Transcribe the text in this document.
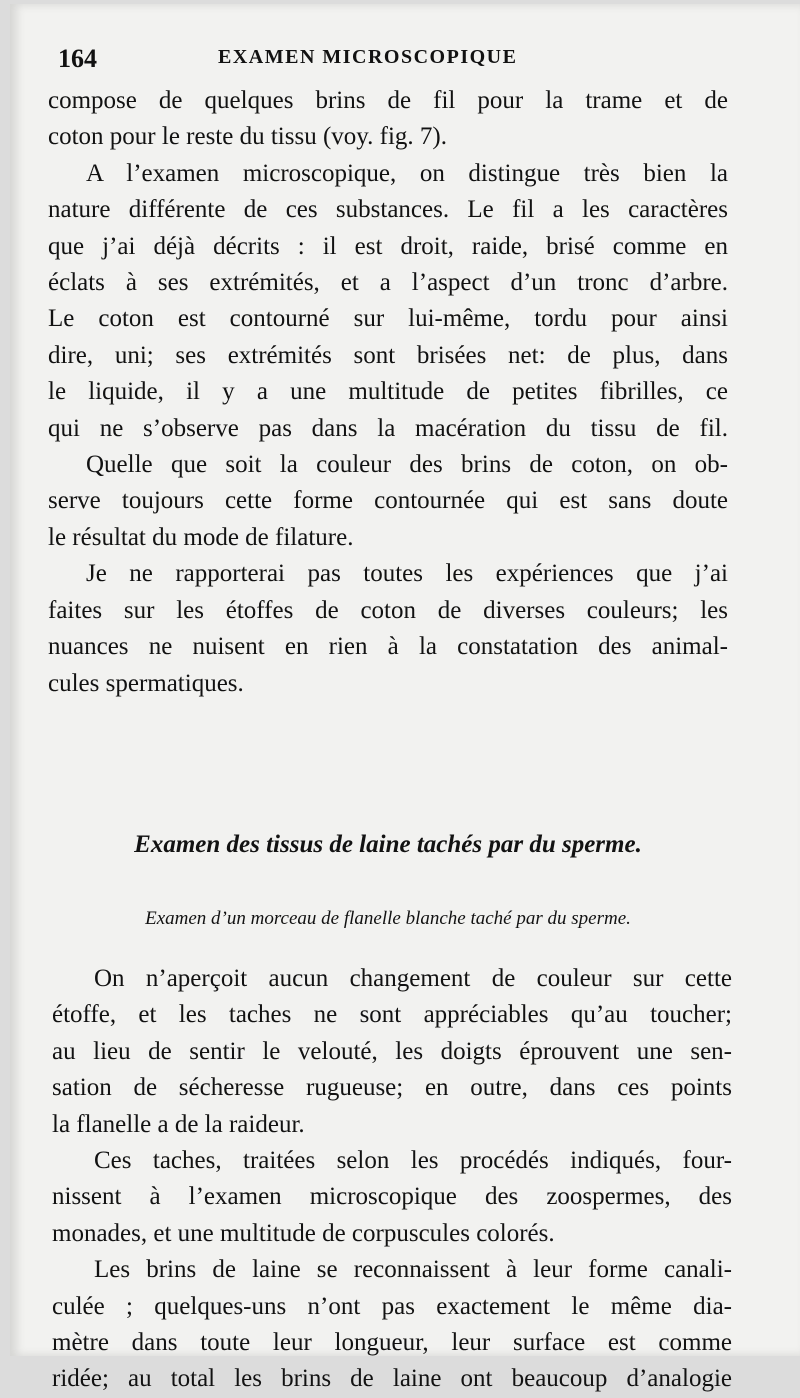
164	EXAMEN MICROSCOPIQUE

compose de quelques brins de fil pour la trame et de
coton pour le reste du tissu (voy. fig. 7).

A l’examen microscopique, on distingue très bien la
nature différente de ces substances. Le fil a les caractères
que j’ai déjà décrits : il est droit, raide, brisé comme en
éclats à ses extrémités, et a l’aspect d’un tronc d’arbre.
Le coton est contourné sur lui-même, tordu pour ainsi
dire, uni; ses extrémités sont brisées net: de plus, dans
le liquide, il y a une multitude de petites fibrilles, ce
qui ne s’observe pas dans la macération du tissu de fil.

Quelle que soit la couleur des brins de coton, on ob-
serve toujours cette forme contournée qui est sans doute
le résultat du mode de filature.

Je ne rapporterai pas toutes les expériences que j’ai
faites sur les étoffes de coton de diverses couleurs; les
nuances ne nuisent en rien à la constatation des animal-
cules spermatiques.

Examen des tissus de laine tachés par du sperme.
Examen d’un morceau de flanelle blanche taché par du sperme.

On n’aperçoit aucun changement de couleur sur cette
étoffe, et les taches ne sont appréciables qu’au toucher;
au lieu de sentir le velouté, les doigts éprouvent une sen-
sation de sécheresse rugueuse; en outre, dans ces points
la flanelle a de la raideur.

Ces taches, traitées selon les procédés indiqués, four-
nissent à l’examen microscopique des zoospermes, des
monades, et une multitude de corpuscules colorés.

Les brins de laine se reconnaissent à leur forme canali-
culée ; quelques-uns n’ont pas exactement le même dia-
mètre dans toute leur longueur, leur surface est comme
ridée; au total les brins de laine ont beaucoup d’analogie
